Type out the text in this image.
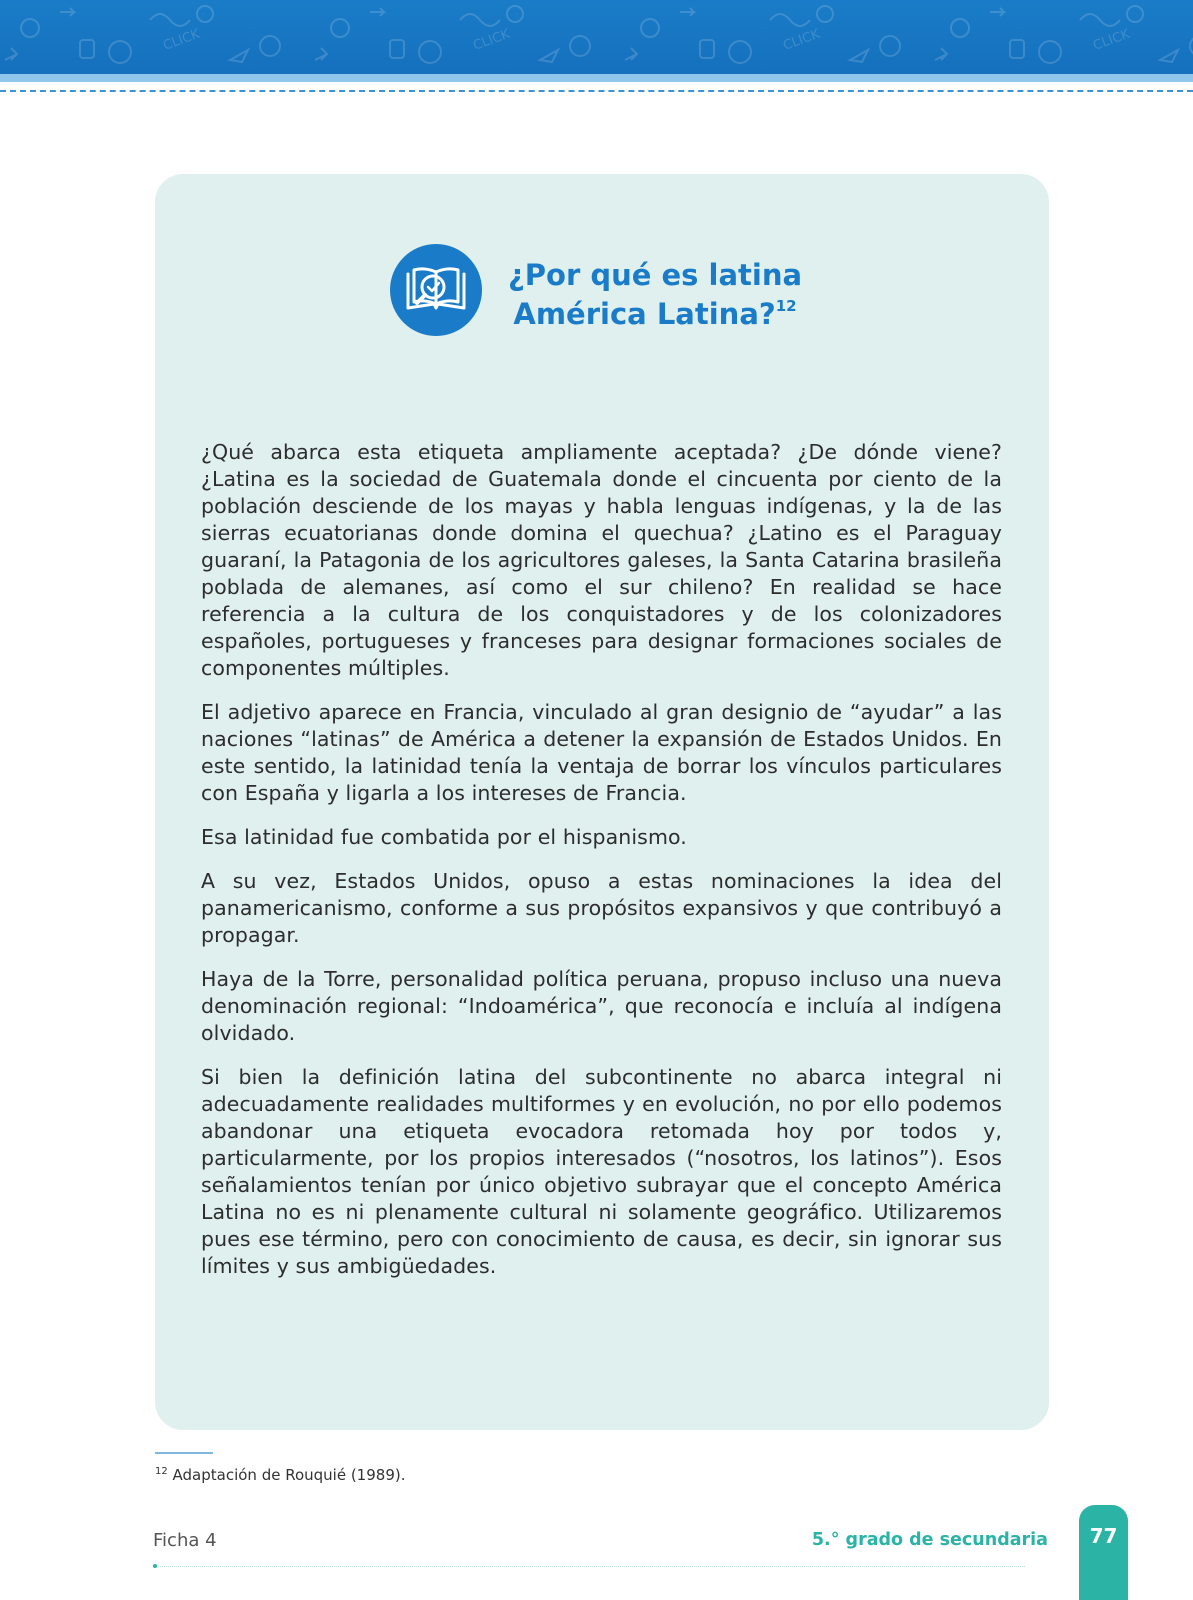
CLICK	CLICK	CLICK	CLICK
¿Por qué es latina
América Latina?$^{12}$

¿Qué abarca esta etiqueta ampliamente aceptada? ¿De dónde viene? ¿Latina es la sociedad de Guatemala donde el cincuenta por ciento de la población desciende de los mayas y habla lenguas indígenas, y la de las sierras ecuatorianas donde domina el quechua? ¿Latino es el Paraguay guaraní, la Patagonia de los agricultores galeses, la Santa Catarina brasileña poblada de alemanes, así como el sur chileno? En realidad se hace referencia a la cultura de los conquistadores y de los colonizadores españoles, portugueses y franceses para designar formaciones sociales de componentes múltiples.

El adjetivo aparece en Francia, vinculado al gran designio de “ayudar” a las naciones “latinas” de América a detener la expansión de Estados Unidos. En este sentido, la latinidad tenía la ventaja de borrar los vínculos particulares con España y ligarla a los intereses de Francia.

Esa latinidad fue combatida por el hispanismo.

A su vez, Estados Unidos, opuso a estas nominaciones la idea del panamericanismo, conforme a sus propósitos expansivos y que contribuyó a propagar.

Haya de la Torre, personalidad política peruana, propuso incluso una nueva denominación regional: “Indoamérica”, que reconocía e incluía al indígena olvidado.

Si bien la definición latina del subcontinente no abarca integral ni adecuadamente realidades multiformes y en evolución, no por ello podemos abandonar una etiqueta evocadora retomada hoy por todos y, particularmente, por los propios interesados (“nosotros, los latinos”). Esos señalamientos tenían por único objetivo subrayar que el concepto América Latina no es ni plenamente cultural ni solamente geográfico. Utilizaremos pues ese término, pero con conocimiento de causa, es decir, sin ignorar sus límites y sus ambigüedades.

$^{12}$ Adaptación de Rouquié (1989).
Ficha 4	5.° grado de secundaria	77
